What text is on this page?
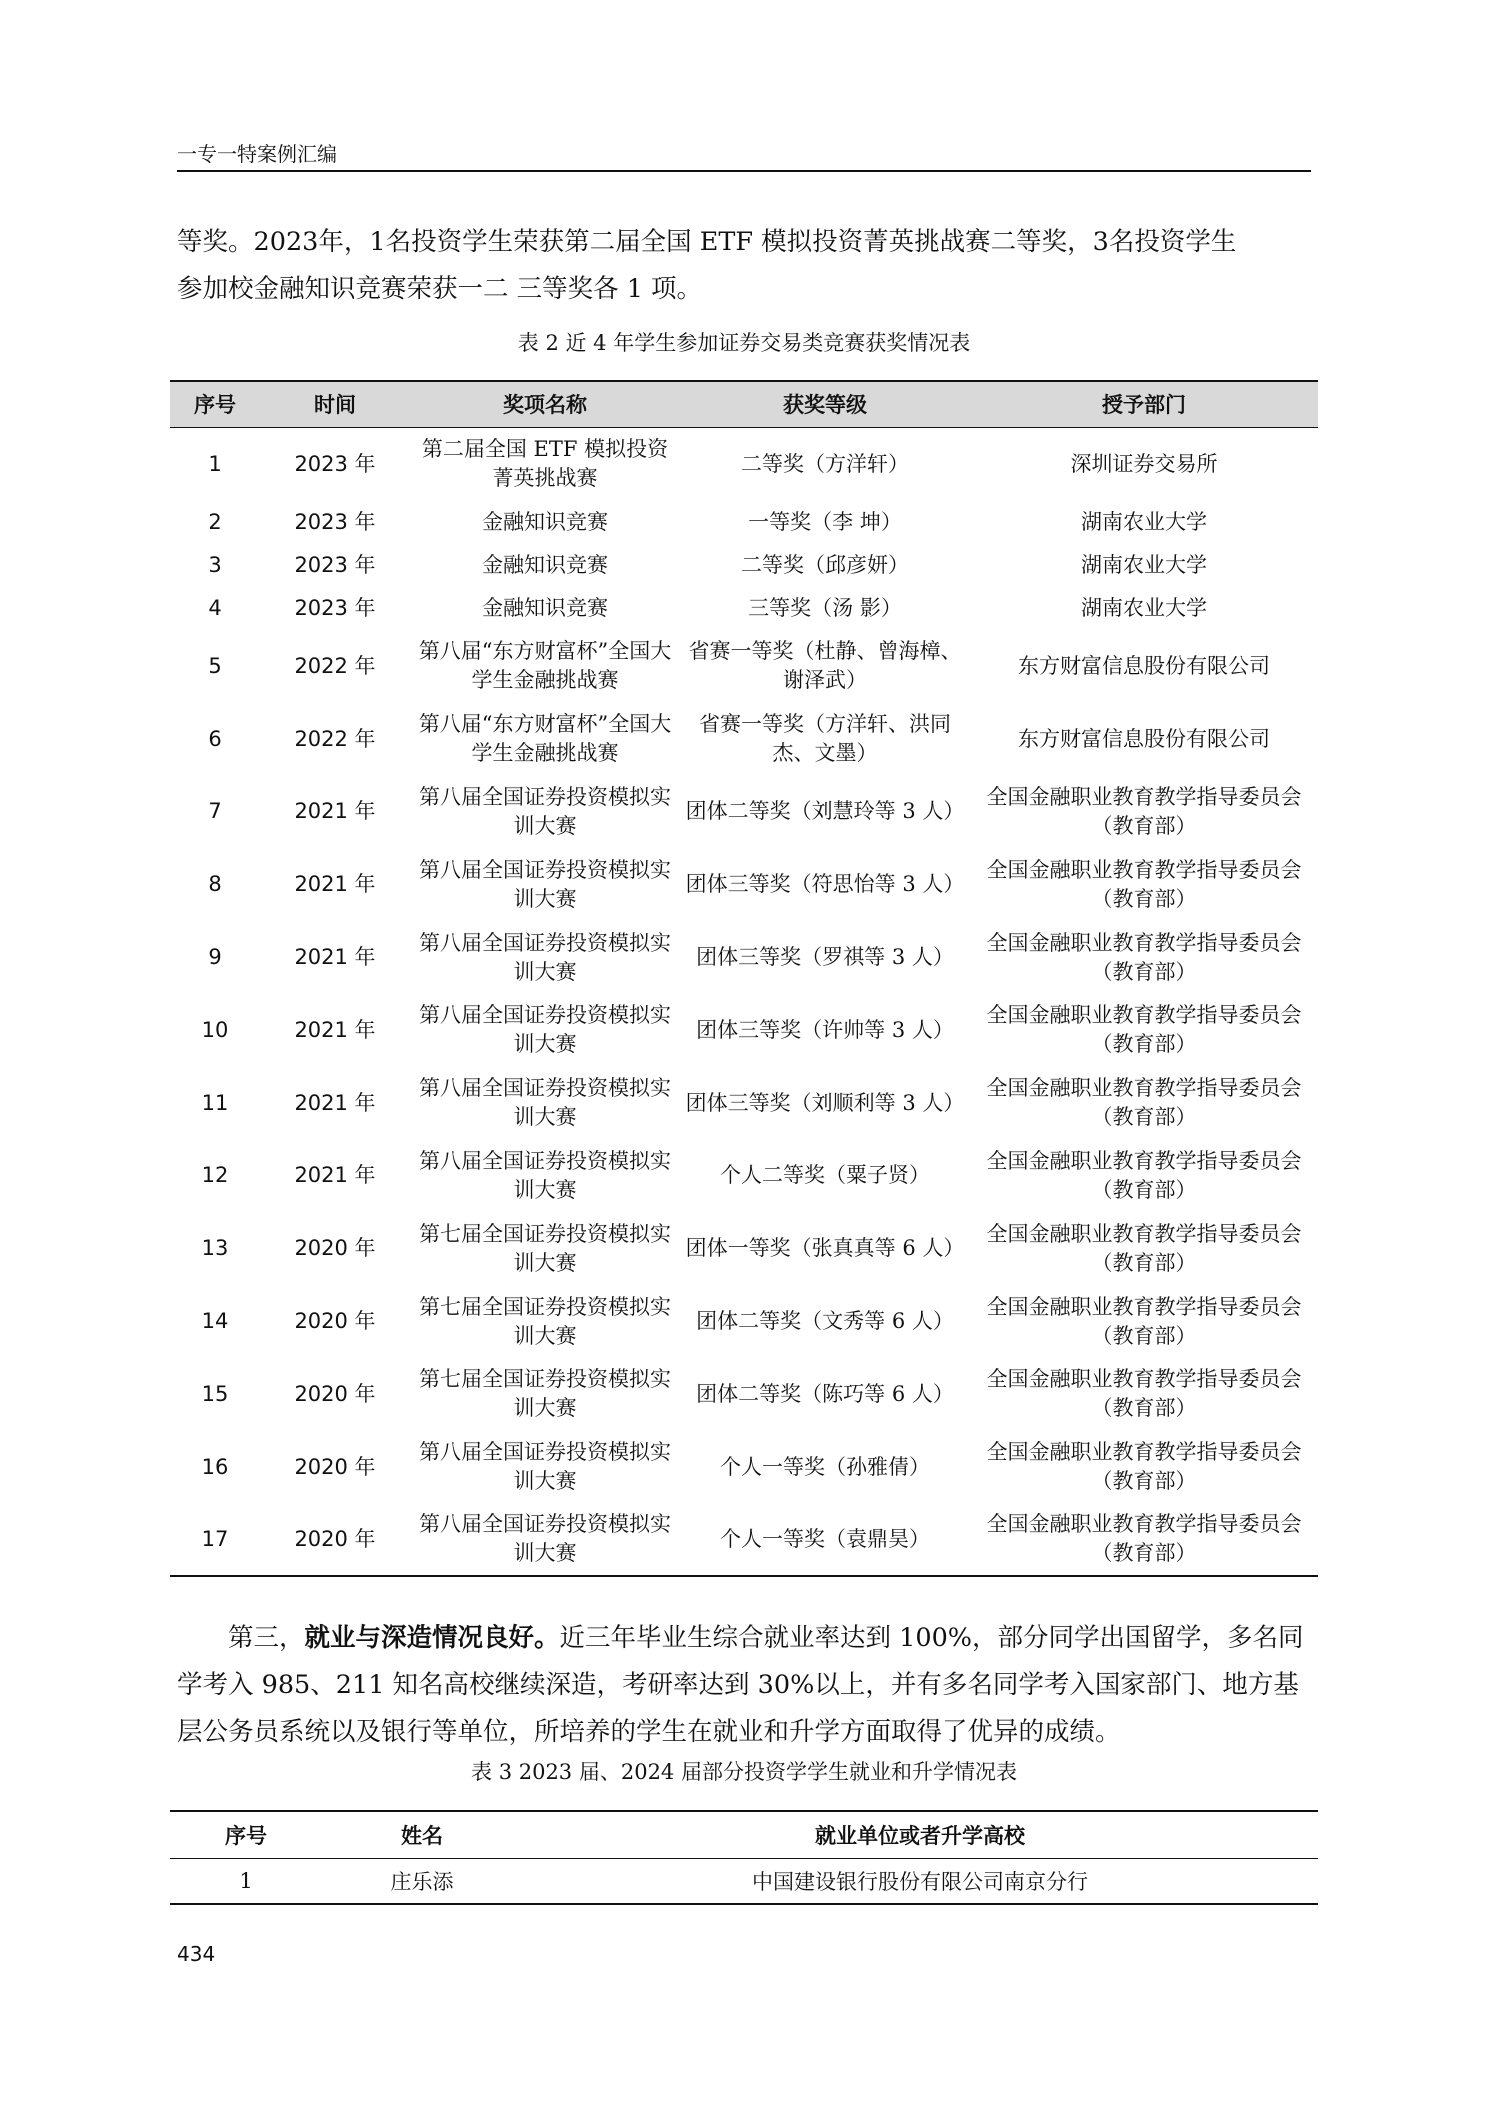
一专一特案例汇编

等奖。2023年，1名投资学生荣获第二届全国 ETF 模拟投资菁英挑战赛二等奖，3名投资学生
参加校金融知识竞赛荣获一二 三等奖各 1 项。

表 2 近 4 年学生参加证券交易类竞赛获奖情况表
序号	时间	奖项名称	获奖等级	授予部门
1	2023 年	第二届全国 ETF 模拟投资菁英挑战赛	二等奖（方洋轩）	深圳证券交易所
2	2023 年	金融知识竞赛	一等奖（李 坤）	湖南农业大学
3	2023 年	金融知识竞赛	二等奖（邱彦妍）	湖南农业大学
4	2023 年	金融知识竞赛	三等奖（汤 影）	湖南农业大学
5	2022 年	第八届“东方财富杯”全国大学生金融挑战赛	省赛一等奖（杜静、曾海樟、谢泽武）	东方财富信息股份有限公司
6	2022 年	第八届“东方财富杯”全国大学生金融挑战赛	省赛一等奖（方洋轩、洪同杰、文墨）	东方财富信息股份有限公司
7	2021 年	第八届全国证券投资模拟实训大赛	团体二等奖（刘慧玲等 3 人）	全国金融职业教育教学指导委员会（教育部）
8	2021 年	第八届全国证券投资模拟实训大赛	团体三等奖（符思怡等 3 人）	全国金融职业教育教学指导委员会（教育部）
9	2021 年	第八届全国证券投资模拟实训大赛	团体三等奖（罗祺等 3 人）	全国金融职业教育教学指导委员会（教育部）
10	2021 年	第八届全国证券投资模拟实训大赛	团体三等奖（许帅等 3 人）	全国金融职业教育教学指导委员会（教育部）
11	2021 年	第八届全国证券投资模拟实训大赛	团体三等奖（刘顺利等 3 人）	全国金融职业教育教学指导委员会（教育部）
12	2021 年	第八届全国证券投资模拟实训大赛	个人二等奖（粟子贤）	全国金融职业教育教学指导委员会（教育部）
13	2020 年	第七届全国证券投资模拟实训大赛	团体一等奖（张真真等 6 人）	全国金融职业教育教学指导委员会（教育部）
14	2020 年	第七届全国证券投资模拟实训大赛	团体二等奖（文秀等 6 人）	全国金融职业教育教学指导委员会（教育部）
15	2020 年	第七届全国证券投资模拟实训大赛	团体二等奖（陈巧等 6 人）	全国金融职业教育教学指导委员会（教育部）
16	2020 年	第八届全国证券投资模拟实训大赛	个人一等奖（孙雅倩）	全国金融职业教育教学指导委员会（教育部）
17	2020 年	第八届全国证券投资模拟实训大赛	个人一等奖（袁鼎昊）	全国金融职业教育教学指导委员会（教育部）

第三，就业与深造情况良好。近三年毕业生综合就业率达到 100%，部分同学出国留学，多名同学考入 985、211 知名高校继续深造，考研率达到 30%以上，并有多名同学考入国家部门、地方基层公务员系统以及银行等单位，所培养的学生在就业和升学方面取得了优异的成绩。

表 3 2023 届、2024 届部分投资学学生就业和升学情况表
序号	姓名	就业单位或者升学高校
1	庄乐添	中国建设银行股份有限公司南京分行
434
